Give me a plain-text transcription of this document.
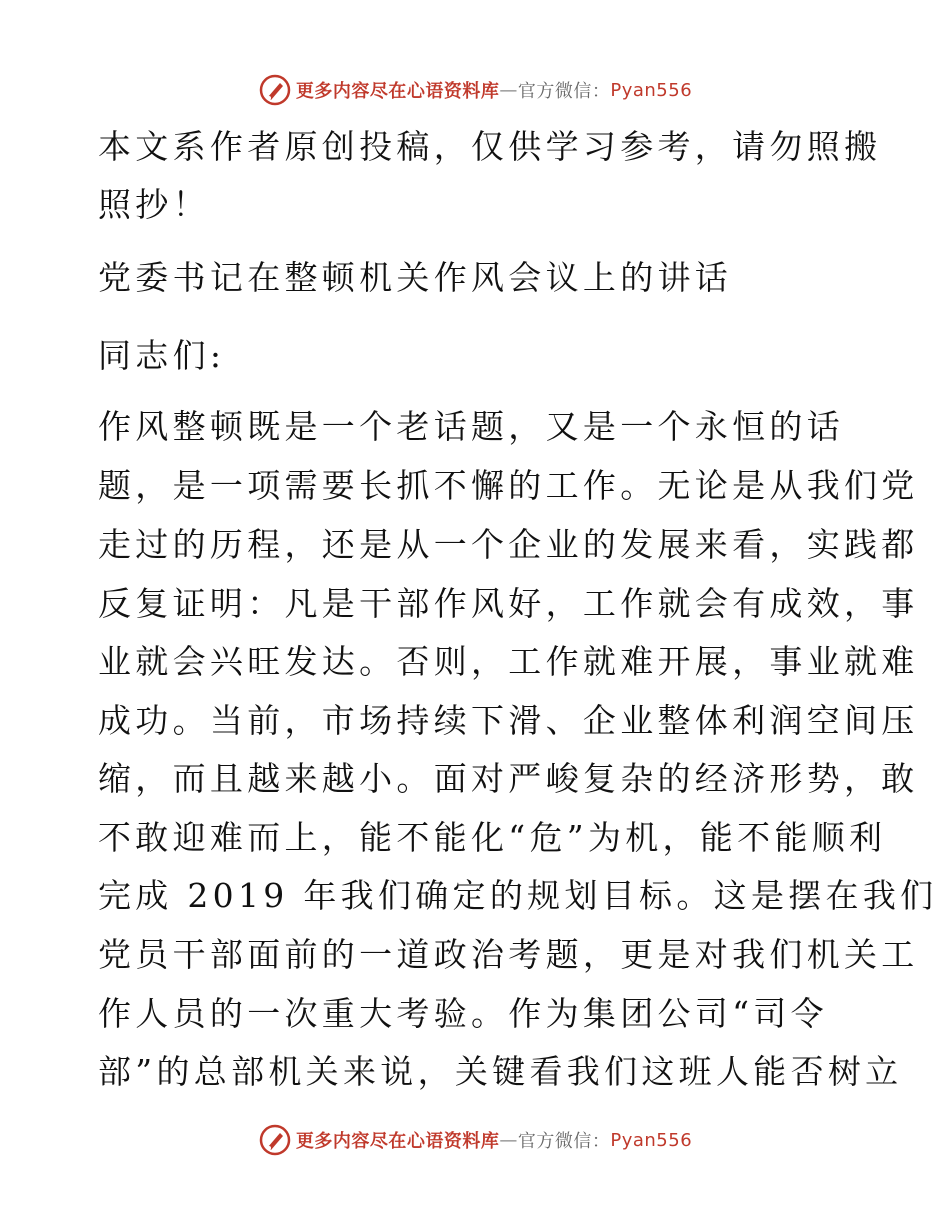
更多内容尽在心语资料库 — 官方微信： Pyan556
本文系作者原创投稿，仅供学习参考，请勿照搬
照抄！
党委书记在整顿机关作风会议上的讲话
同志们:
作风整顿既是一个老话题，又是一个永恒的话
题，是一项需要长抓不懈的工作。无论是从我们党
走过的历程，还是从一个企业的发展来看，实践都
反复证明：凡是干部作风好，工作就会有成效，事
业就会兴旺发达。否则，工作就难开展，事业就难
成功。当前，市场持续下滑、企业整体利润空间压
缩，而且越来越小。面对严峻复杂的经济形势，敢
不敢迎难而上，能不能化“危”为机，能不能顺利
完成 2019 年我们确定的规划目标。这是摆在我们
党员干部面前的一道政治考题，更是对我们机关工
作人员的一次重大考验。作为集团公司“司令
部”的总部机关来说，关键看我们这班人能否树立
更多内容尽在心语资料库 — 官方微信： Pyan556
